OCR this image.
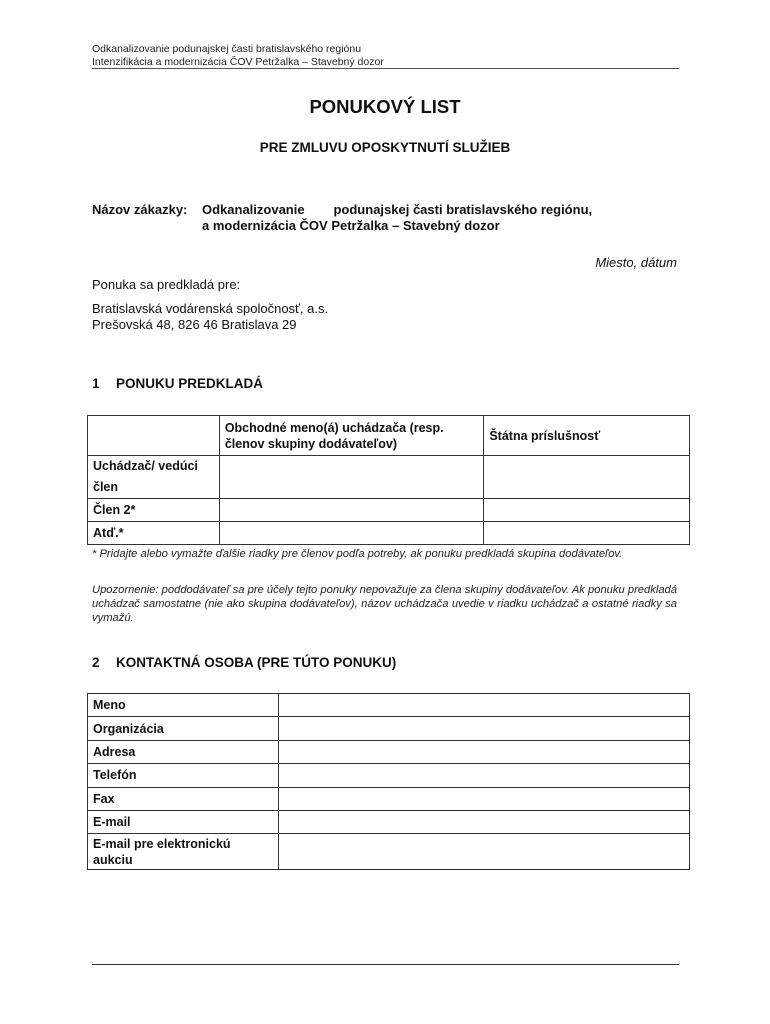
Odkanalizovanie podunajskej časti bratislavského regiónu
Intenzifikácia a modernizácia ČOV Petržalka – Stavebný dozor
PONUKOVÝ LIST
PRE ZMLUVU OPOSKYTNUTÍ SLUŽIEB
Názov zákazky: Odkanalizovanie        podunajskej časti bratislavského regiónu,
a modernizácia ČOV Petržalka – Stavebný dozor
Miesto, dátum
Ponuka sa predkladá pre:
Bratislavská vodárenská spoločnosť, a.s.
Prešovská 48, 826 46 Bratislava 29
1 PONUKU PREDKLADÁ
	Obchodné meno(á) uchádzača (resp. členov skupiny dodávateľov)	Štátna príslušnosť
Uchádzač/ vedúci člen		
Člen 2*		
Atď.*		
* Pridajte alebo vymažte ďalšie riadky pre členov podľa potreby, ak ponuku predkladá skupina dodávateľov.
Upozornenie: poddodávateľ sa pre účely tejto ponuky nepovažuje za člena skupiny dodávateľov. Ak ponuku predkladá uchádzač samostatne (nie ako skupina dodávateľov), názov uchádzača uvedie v riadku uchádzač a ostatné riadky sa vymažú.
2 KONTAKTNÁ OSOBA (PRE TÚTO PONUKU)
Meno	
Organizácia	
Adresa	
Telefón	
Fax	
E-mail	
E-mail pre elektronickú aukciu	
